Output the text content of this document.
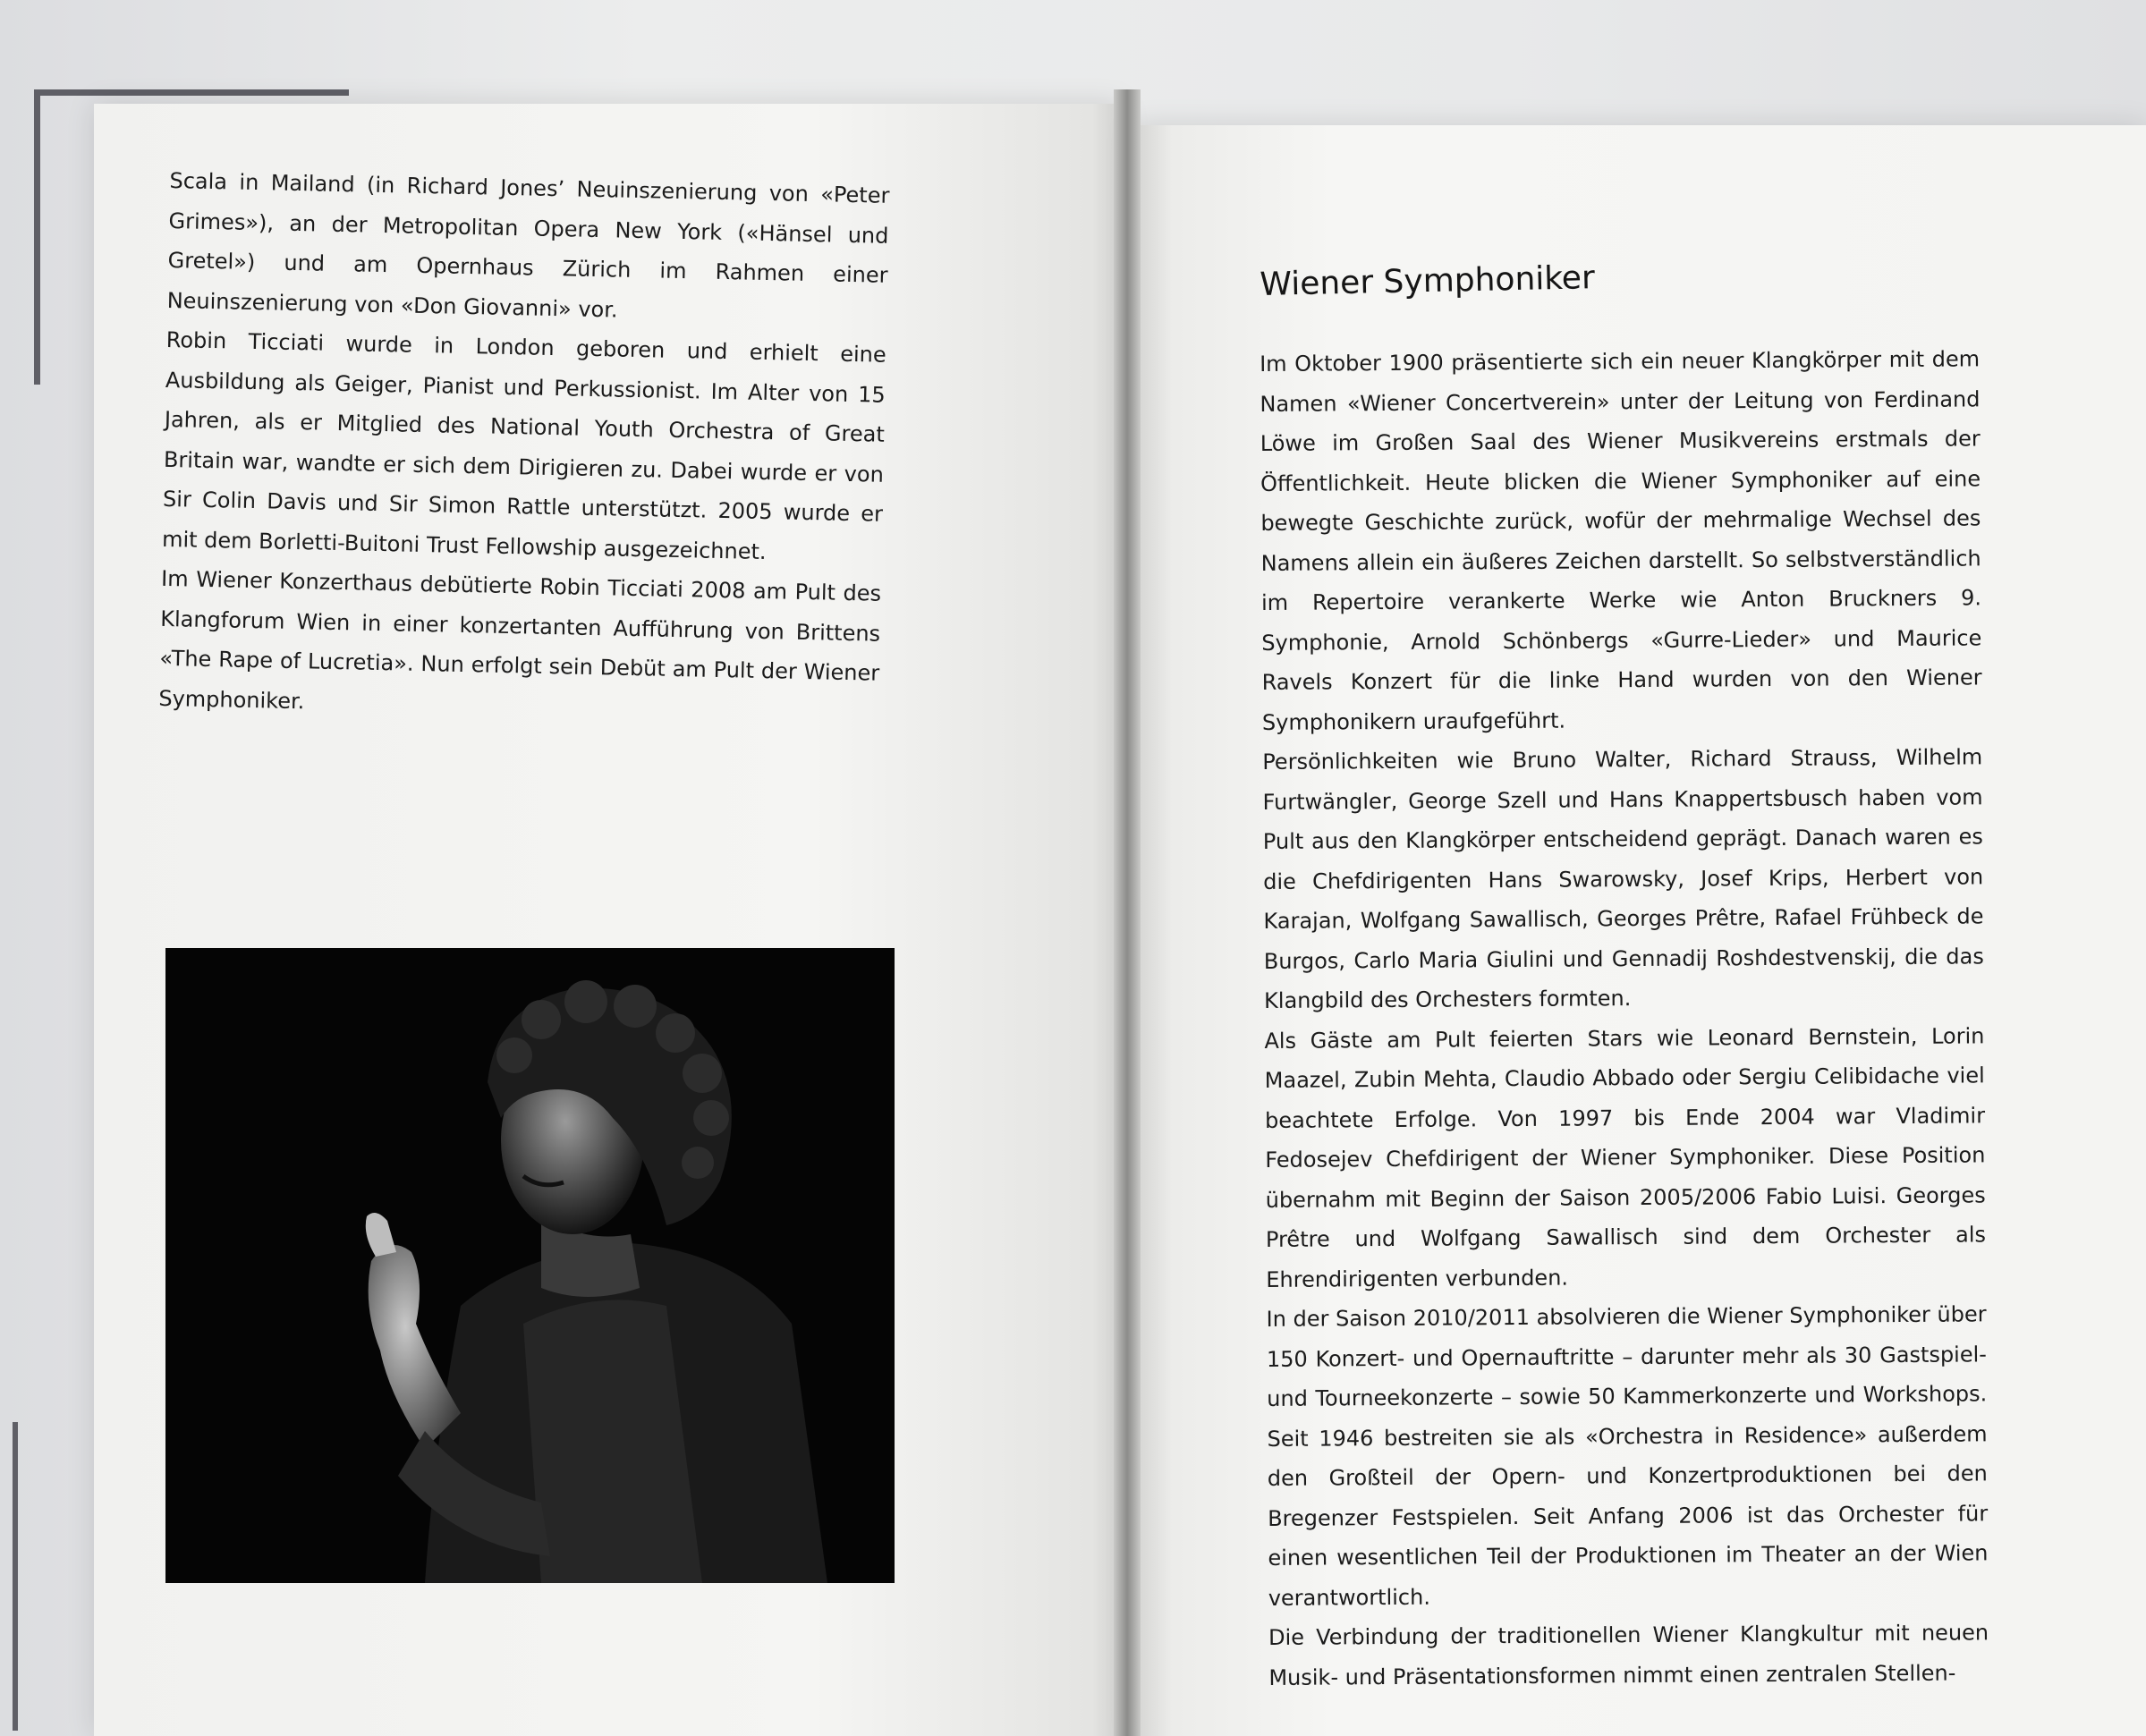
Scala in Mailand (in Richard Jones’ Neuinszenierung von «Peter Grimes»), an der Metropolitan Opera New York («Hänsel und Gretel») und am Opernhaus Zürich im Rahmen einer Neuinszenierung von «Don Giovanni» vor.

Robin Ticciati wurde in London geboren und erhielt eine Ausbildung als Geiger, Pianist und Perkussionist. Im Alter von 15 Jahren, als er Mitglied des National Youth Orchestra of Great Britain war, wandte er sich dem Dirigieren zu. Dabei wurde er von Sir Colin Davis und Sir Simon Rattle unterstützt. 2005 wurde er mit dem Borletti-Buitoni Trust Fellowship ausgezeichnet.

Im Wiener Konzerthaus debütierte Robin Ticciati 2008 am Pult des Klangforum Wien in einer konzertanten Aufführung von Brittens «The Rape of Lucretia». Nun erfolgt sein Debüt am Pult der Wiener Symphoniker.

Wiener Symphoniker

Im Oktober 1900 präsentierte sich ein neuer Klangkörper mit dem Namen «Wiener Concertverein» unter der Leitung von Ferdinand Löwe im Großen Saal des Wiener Musikvereins erstmals der Öffentlichkeit. Heute blicken die Wiener Symphoniker auf eine bewegte Geschichte zurück, wofür der mehrmalige Wechsel des Namens allein ein äußeres Zeichen darstellt. So selbstverständlich im Repertoire verankerte Werke wie Anton Bruckners 9. Symphonie, Arnold Schönbergs «Gurre-Lieder» und Maurice Ravels Konzert für die linke Hand wurden von den Wiener Symphonikern uraufgeführt.

Persönlichkeiten wie Bruno Walter, Richard Strauss, Wilhelm Furtwängler, George Szell und Hans Knappertsbusch haben vom Pult aus den Klangkörper entscheidend geprägt. Danach waren es die Chefdirigenten Hans Swarowsky, Josef Krips, Herbert von Karajan, Wolfgang Sawallisch, Georges Prêtre, Rafael Frühbeck de Burgos, Carlo Maria Giulini und Gennadij Roshdestvenskij, die das Klangbild des Orchesters formten.

Als Gäste am Pult feierten Stars wie Leonard Bernstein, Lorin Maazel, Zubin Mehta, Claudio Abbado oder Sergiu Celibidache viel beachtete Erfolge. Von 1997 bis Ende 2004 war Vladimir Fedosejev Chefdirigent der Wiener Symphoniker. Diese Position übernahm mit Beginn der Saison 2005/2006 Fabio Luisi. Georges Prêtre und Wolfgang Sawallisch sind dem Orchester als Ehrendirigenten verbunden.

In der Saison 2010/2011 absolvieren die Wiener Symphoniker über 150 Konzert- und Opernauftritte – darunter mehr als 30 Gastspiel- und Tourneekonzerte – sowie 50 Kammerkonzerte und Workshops. Seit 1946 bestreiten sie als «Orchestra in Residence» außerdem den Großteil der Opern- und Konzertproduktionen bei den Bregenzer Festspielen. Seit Anfang 2006 ist das Orchester für einen wesentlichen Teil der Produktionen im Theater an der Wien verantwortlich.

Die Verbindung der traditionellen Wiener Klangkultur mit neuen Musik- und Präsentationsformen nimmt einen zentralen Stellen-
